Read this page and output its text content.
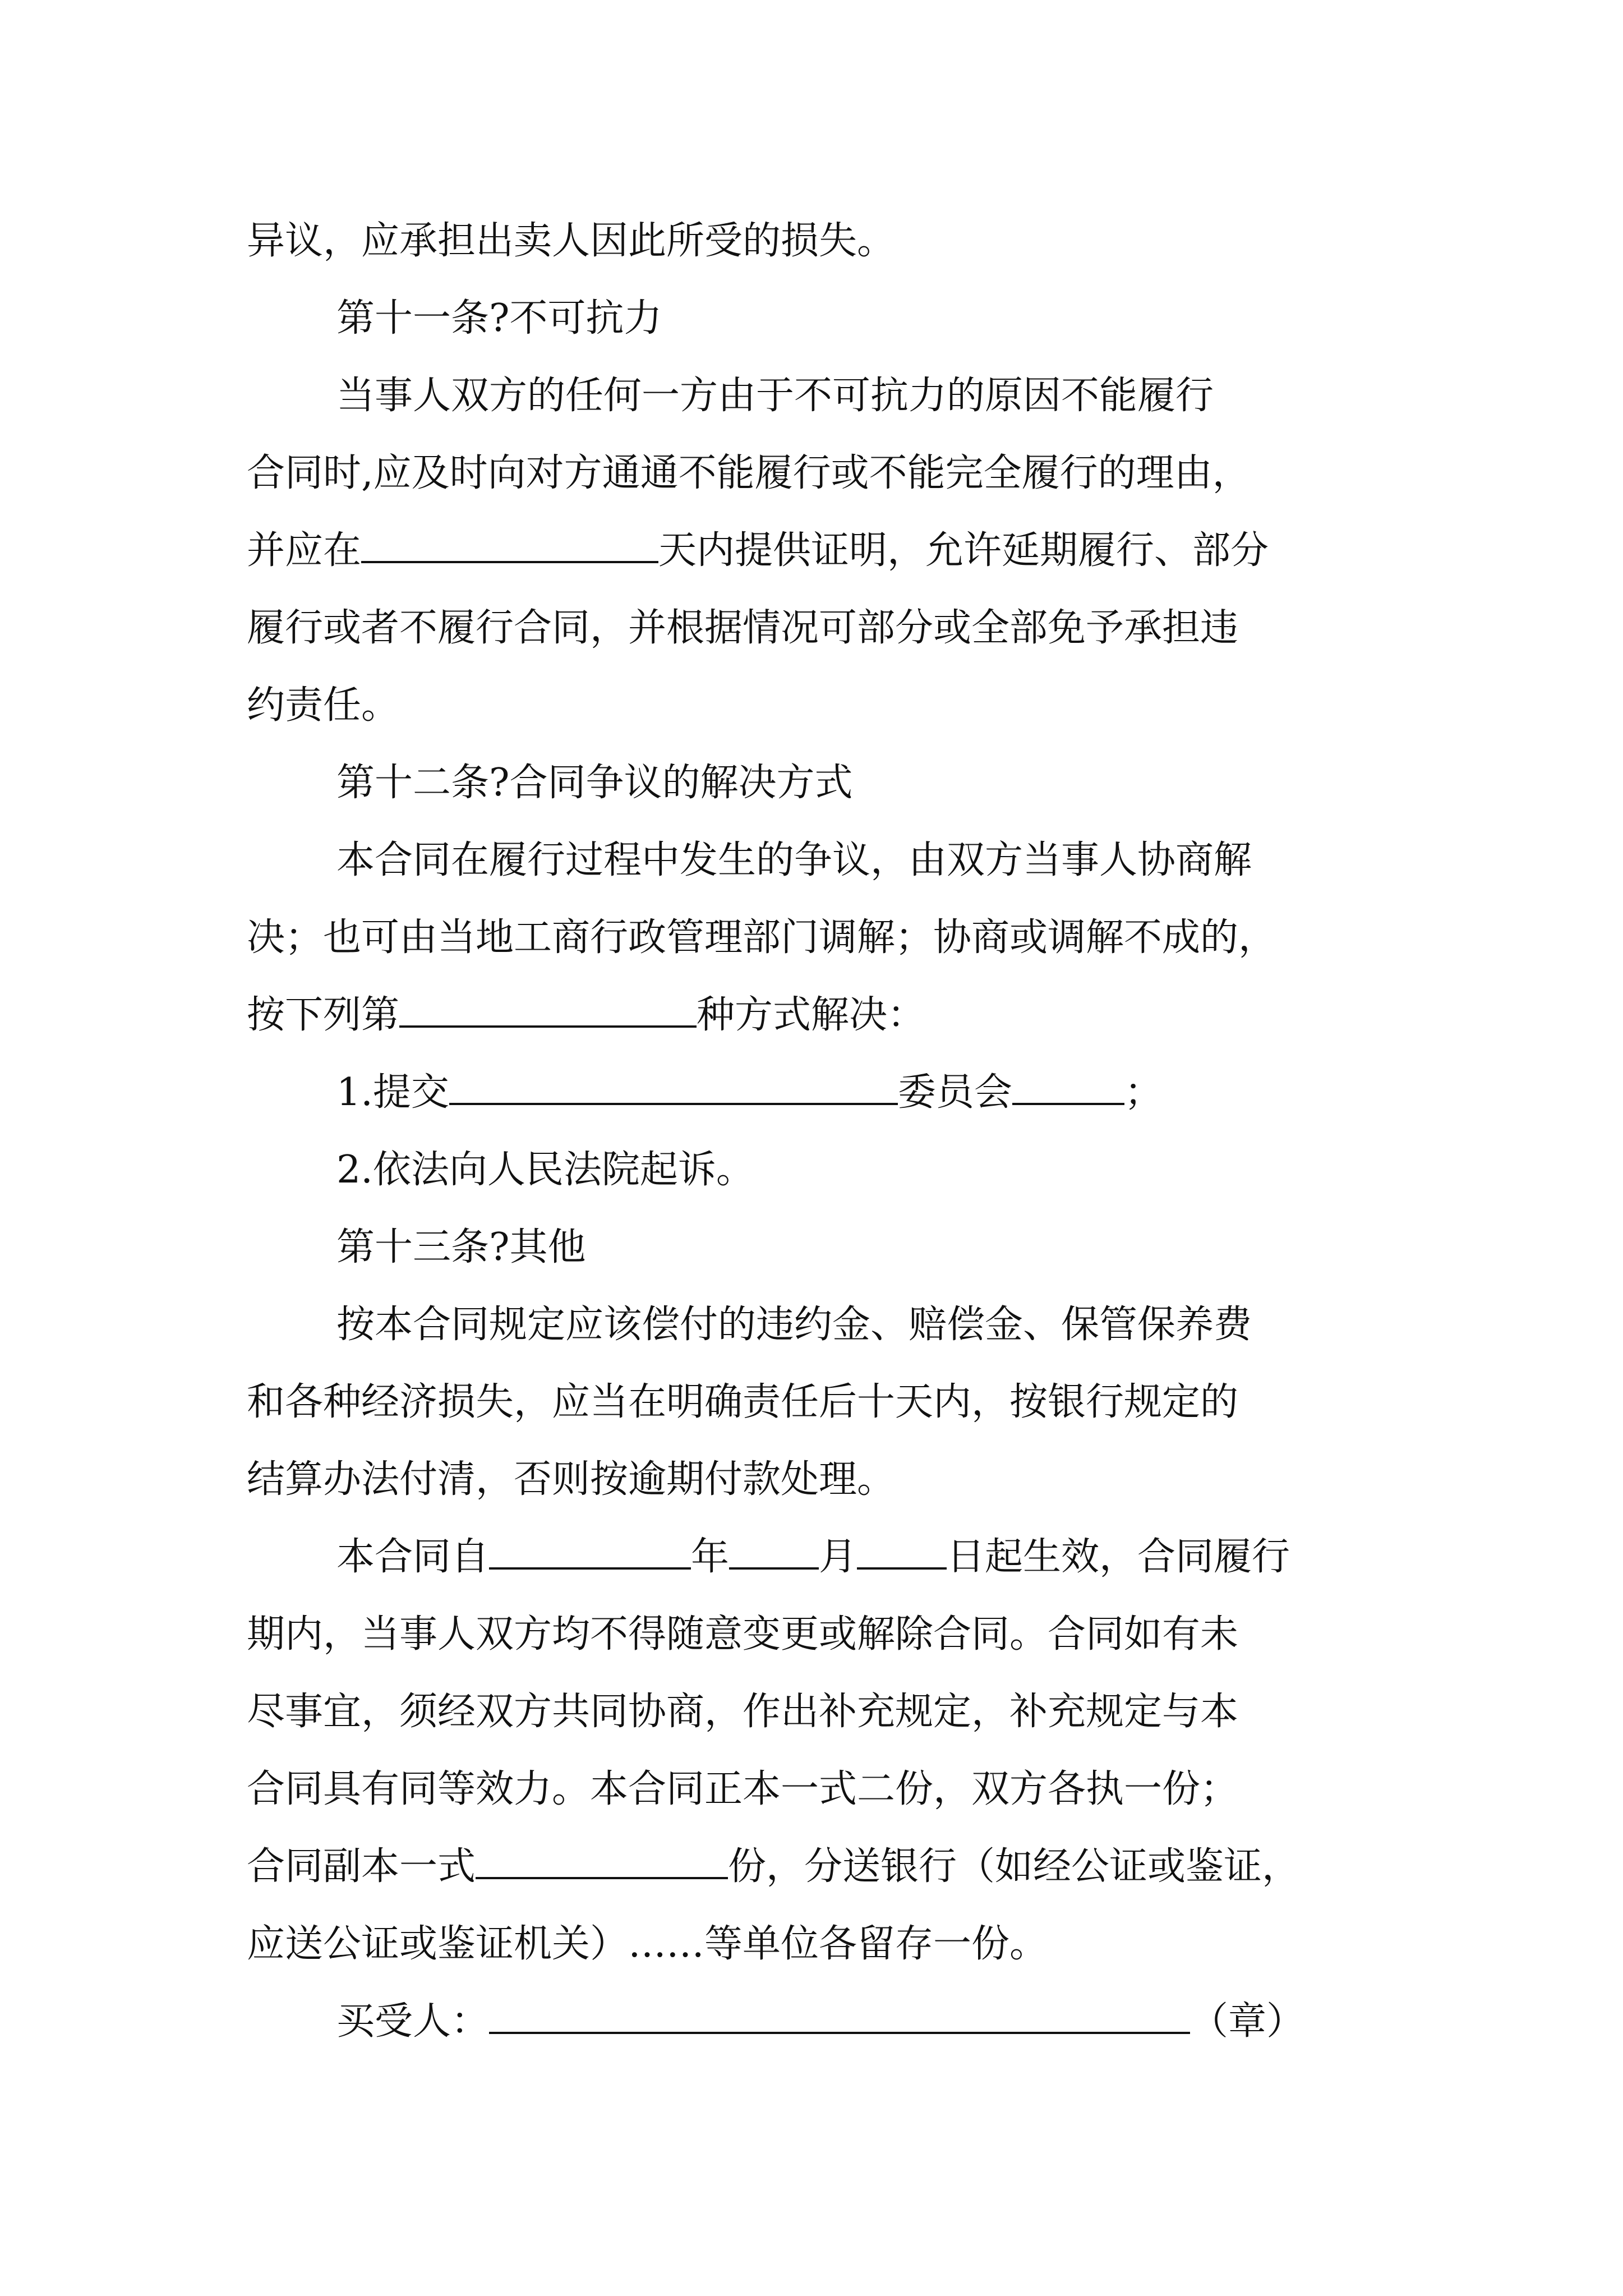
异议，应承担出卖人因此所受的损失。
第十一条?不可抗力
当事人双方的任何一方由于不可抗力的原因不能履行
合同时,应及时向对方通通不能履行或不能完全履行的理由，
并应在	天内提供证明，允许延期履行、部分
履行或者不履行合同，并根据情况可部分或全部免予承担违
约责任。
第十二条?合同争议的解决方式
本合同在履行过程中发生的争议，由双方当事人协商解
决；也可由当地工商行政管理部门调解；协商或调解不成的，
按下列第	种方式解决：
1.提交	委员会	；
2.依法向人民法院起诉。
第十三条?其他
按本合同规定应该偿付的违约金、赔偿金、保管保养费
和各种经济损失，应当在明确责任后十天内，按银行规定的
结算办法付清，否则按逾期付款处理。
本合同自	年 月 日起生效，合同履行
期内，当事人双方均不得随意变更或解除合同。合同如有未
尽事宜，须经双方共同协商，作出补充规定，补充规定与本
合同具有同等效力。本合同正本一式二份，双方各执一份；
合同副本一式	份，分送银行（如经公证或鉴证，
应送公证或鉴证机关）……等单位各留存一份。
买受人：	（章）
